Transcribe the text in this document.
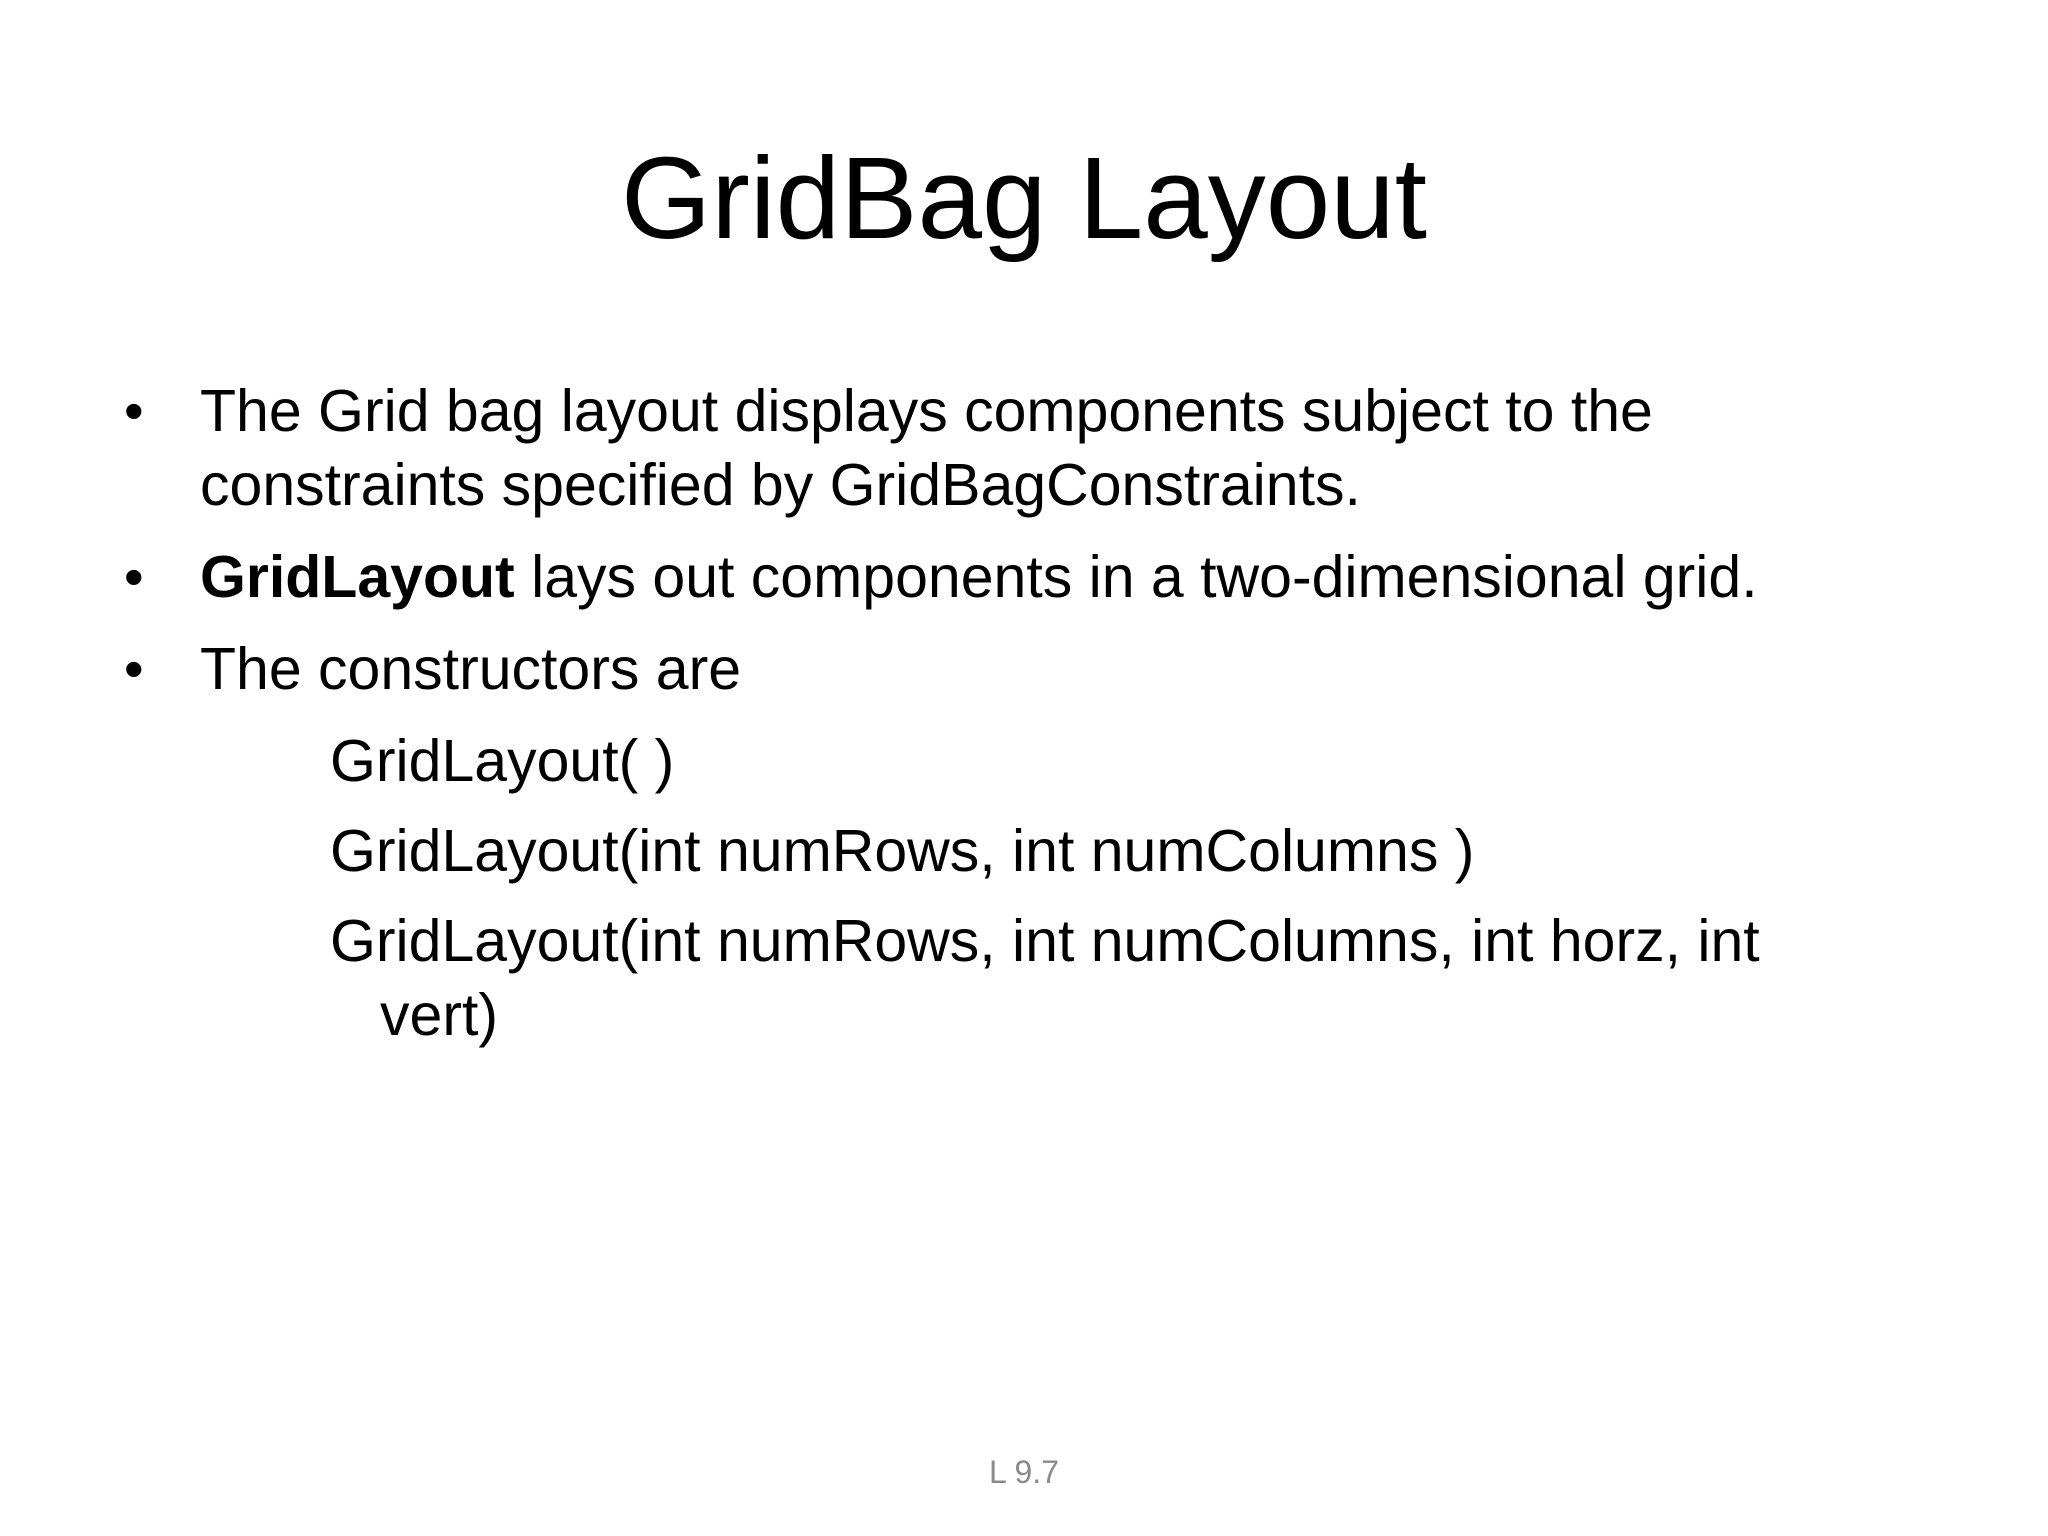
GridBag Layout
• The Grid bag layout displays components subject to the
constraints specified by GridBagConstraints.
• GridLayout lays out components in a two-dimensional grid.
• The constructors are
GridLayout( )
GridLayout(int numRows, int numColumns )
GridLayout(int numRows, int numColumns, int horz, int
vert)
L 9.7
